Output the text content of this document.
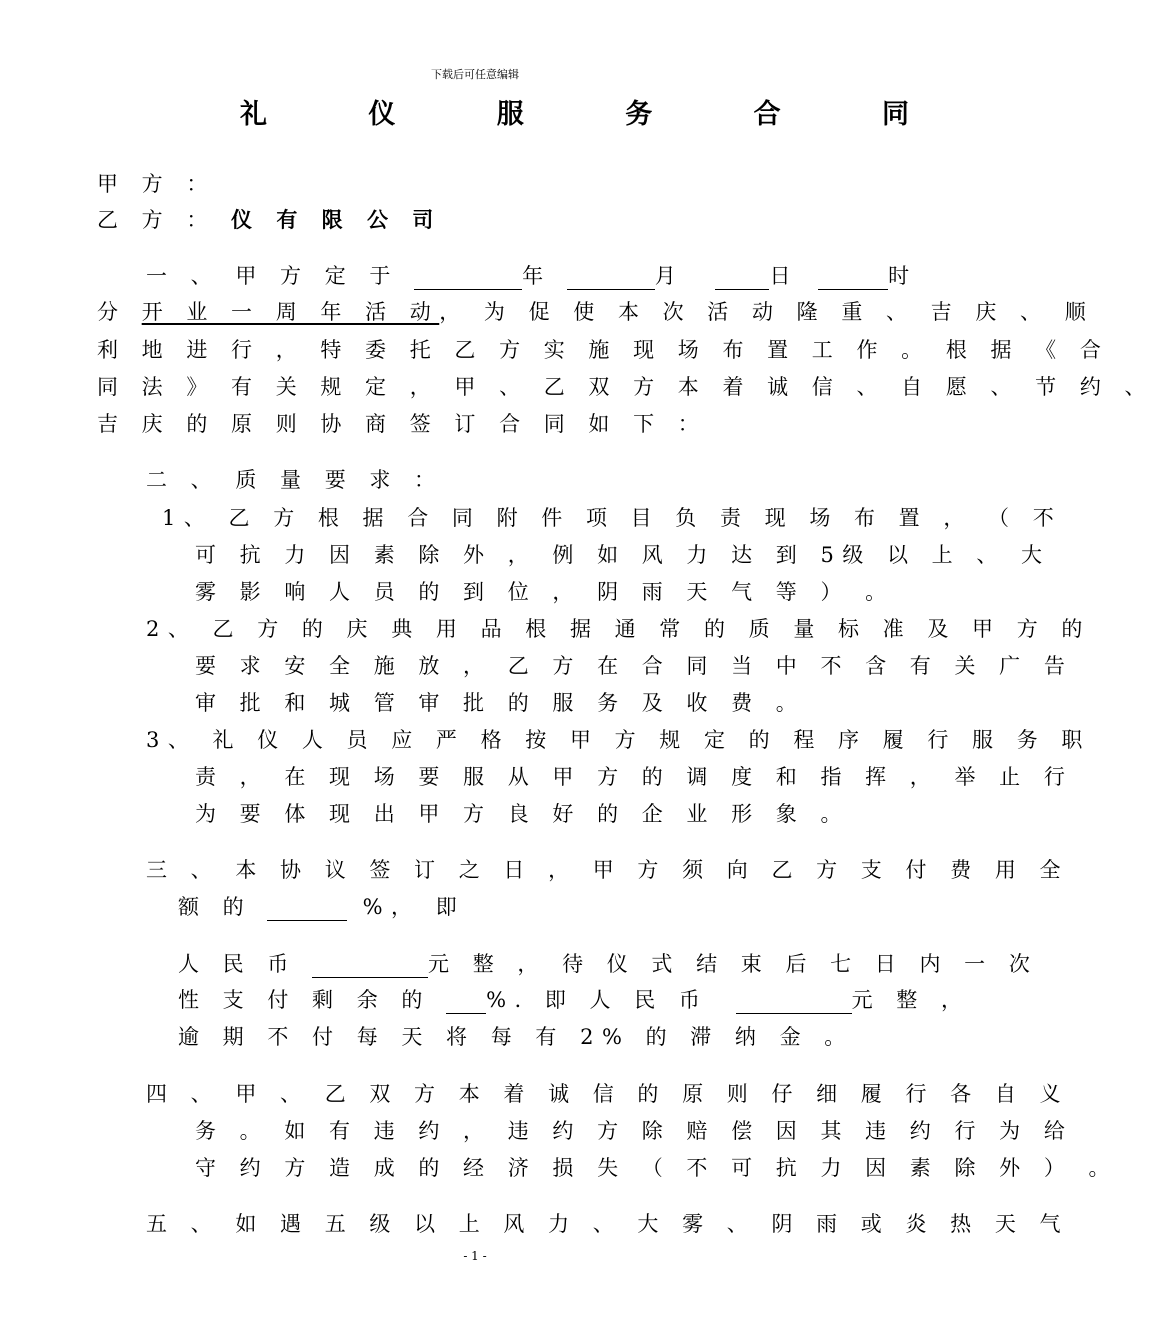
下载后可任意编辑
礼 仪 服 务 合 同
甲 方 ：
乙 方 ： 仪 有 限 公 司
一 、 甲 方 定 于	年	月	日	时
分 开 业 一 周 年 活 动， 为 促 使 本 次 活 动 隆 重 、 吉 庆 、 顺
利 地 进 行 ， 特 委 托 乙 方 实 施 现 场 布 置 工 作 。 根 据 《 合
同 法 》 有 关 规 定 ， 甲 、 乙 双 方 本 着 诚 信 、 自 愿 、 节 约 、
吉 庆 的 原 则 协 商 签 订 合 同 如 下 ：
二 、 质 量 要 求 ：
1、 乙 方 根 据 合 同 附 件 项 目 负 责 现 场 布 置 ， （ 不
可 抗 力 因 素 除 外 ， 例 如 风 力 达 到 5级 以 上 、 大
雾 影 响 人 员 的 到 位 ， 阴 雨 天 气 等 ） 。
2、 乙 方 的 庆 典 用 品 根 据 通 常 的 质 量 标 准 及 甲 方 的
要 求 安 全 施 放 ， 乙 方 在 合 同 当 中 不 含 有 关 广 告
审 批 和 城 管 审 批 的 服 务 及 收 费 。
3、 礼 仪 人 员 应 严 格 按 甲 方 规 定 的 程 序 履 行 服 务 职
责 ， 在 现 场 要 服 从 甲 方 的 调 度 和 指 挥 ， 举 止 行
为 要 体 现 出 甲 方 良 好 的 企 业 形 象 。
三 、 本 协 议 签 订 之 日 ， 甲 方 须 向 乙 方 支 付 费 用 全
额 的	%， 即
人 民 币	元 整 ， 待 仪 式 结 束 后 七 日 内 一 次
性 支 付 剩 余 的	%. 即 人 民 币	元 整 ，
逾 期 不 付 每 天 将 每 有 2% 的 滞 纳 金 。
四 、 甲 、 乙 双 方 本 着 诚 信 的 原 则 仔 细 履 行 各 自 义
务 。 如 有 违 约 ， 违 约 方 除 赔 偿 因 其 违 约 行 为 给
守 约 方 造 成 的 经 济 损 失 （ 不 可 抗 力 因 素 除 外 ） 。
五 、 如 遇 五 级 以 上 风 力 、 大 雾 、 阴 雨 或 炎 热 天 气
- 1 -
